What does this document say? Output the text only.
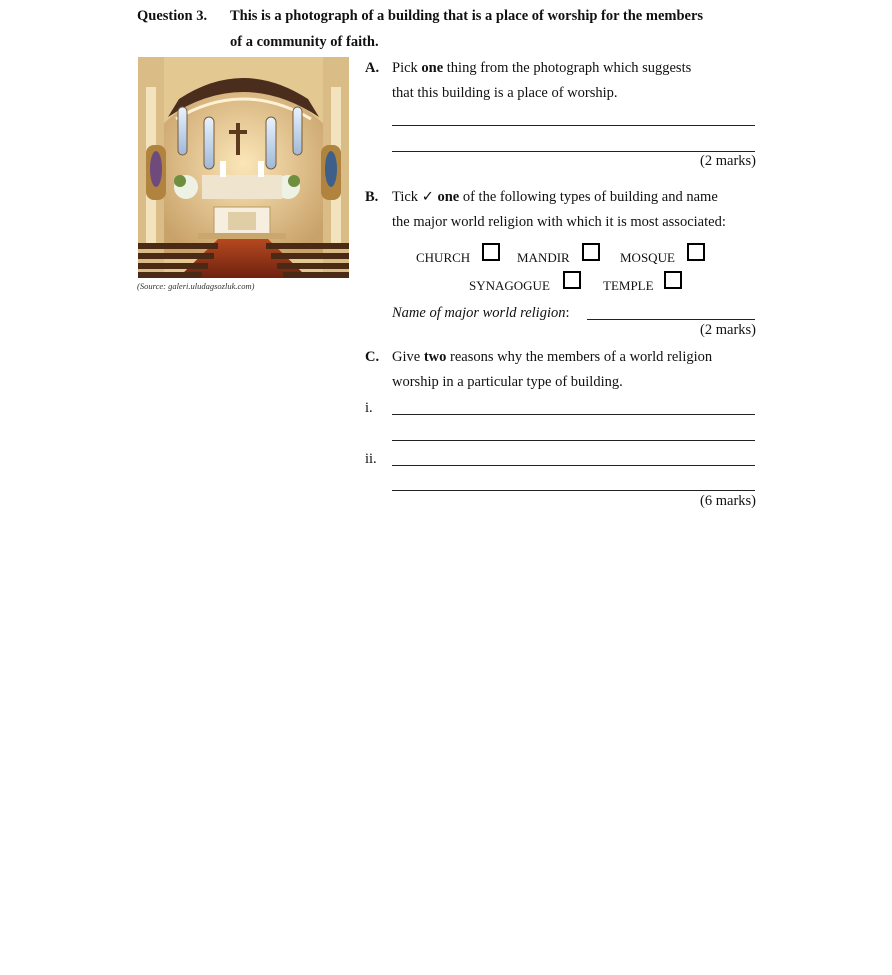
Question 3. This is a photograph of a building that is a place of worship for the members
of a community of faith.
(Source: galeri.uludagsozluk.com)
A. Pick one thing from the photograph which suggests
that this building is a place of worship.
(2 marks)
B. Tick ✓ one of the following types of building and name
the major world religion with which it is most associated:
CHURCH	MANDIR	MOSQUE
SYNAGOGUE	TEMPLE
Name of major world religion:
(2 marks)
C. Give two reasons why the members of a world religion
worship in a particular type of building.
i.
ii.
(6 marks)
